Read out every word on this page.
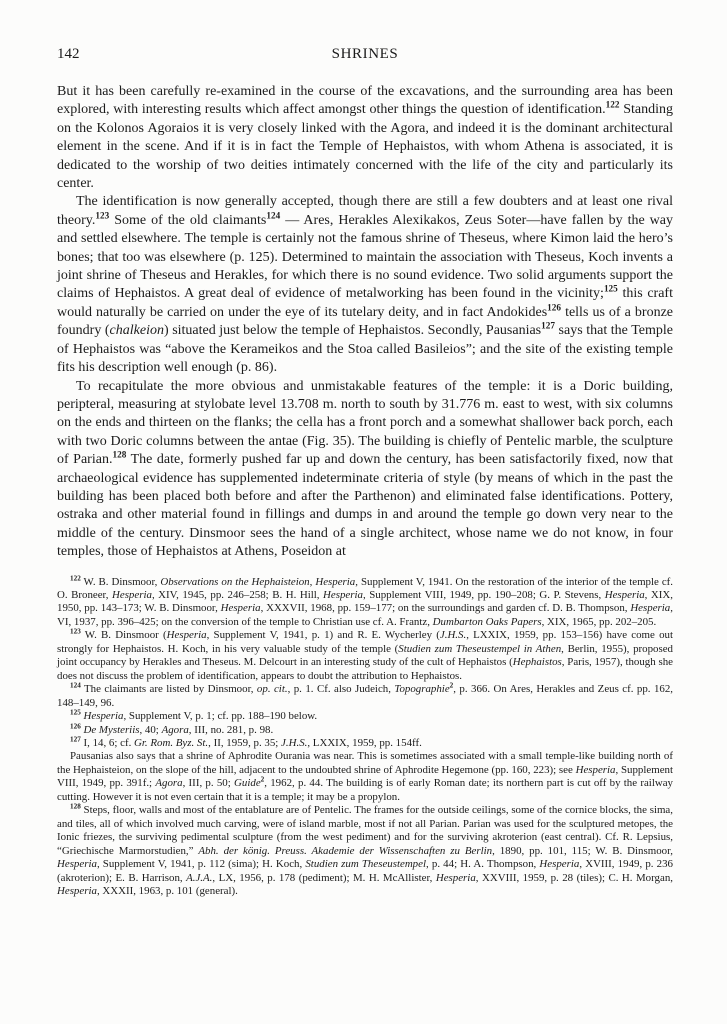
142	SHRINES

But it has been carefully re-examined in the course of the excavations, and the surrounding area has been explored, with interesting results which affect amongst other things the question of identification.$^{122}$ Standing on the Kolonos Agoraios it is very closely linked with the Agora, and indeed it is the dominant architectural element in the scene. And if it is in fact the Temple of Hephaistos, with whom Athena is associated, it is dedicated to the worship of two deities intimately concerned with the life of the city and particularly its center.

The identification is now generally accepted, though there are still a few doubters and at least one rival theory.$^{123}$ Some of the old claimants$^{124}$ — Ares, Herakles Alexikakos, Zeus Soter—have fallen by the way and settled elsewhere. The temple is certainly not the famous shrine of Theseus, where Kimon laid the hero’s bones; that too was elsewhere (p. 125). Determined to maintain the association with Theseus, Koch invents a joint shrine of Theseus and Herakles, for which there is no sound evidence. Two solid arguments support the claims of Hephaistos. A great deal of evidence of metalworking has been found in the vicinity;$^{125}$ this craft would naturally be carried on under the eye of its tutelary deity, and in fact Andokides$^{126}$ tells us of a bronze foundry (chalkeion) situated just below the temple of Hephaistos. Secondly, Pausanias$^{127}$ says that the Temple of Hephaistos was “above the Kerameikos and the Stoa called Basileios”; and the site of the existing temple fits his description well enough (p. 86).

To recapitulate the more obvious and unmistakable features of the temple: it is a Doric building, peripteral, measuring at stylobate level 13.708 m. north to south by 31.776 m. east to west, with six columns on the ends and thirteen on the flanks; the cella has a front porch and a somewhat shallower back porch, each with two Doric columns between the antae (Fig. 35). The building is chiefly of Pentelic marble, the sculpture of Parian.$^{128}$ The date, formerly pushed far up and down the century, has been satisfactorily fixed, now that archaeological evidence has supplemented indeterminate criteria of style (by means of which in the past the building has been placed both before and after the Parthenon) and eliminated false identifications. Pottery, ostraka and other material found in fillings and dumps in and around the temple go down very near to the middle of the century. Dinsmoor sees the hand of a single architect, whose name we do not know, in four temples, those of Hephaistos at Athens, Poseidon at

$^{122}$ W. B. Dinsmoor, Observations on the Hephaisteion, Hesperia, Supplement V, 1941. On the restoration of the interior of the temple cf. O. Broneer, Hesperia, XIV, 1945, pp. 246–258; B. H. Hill, Hesperia, Supplement VIII, 1949, pp. 190–208; G. P. Stevens, Hesperia, XIX, 1950, pp. 143–173; W. B. Dinsmoor, Hesperia, XXXVII, 1968, pp. 159–177; on the surroundings and garden cf. D. B. Thompson, Hesperia, VI, 1937, pp. 396–425; on the conversion of the temple to Christian use cf. A. Frantz, Dumbarton Oaks Papers, XIX, 1965, pp. 202–205.

$^{123}$ W. B. Dinsmoor (Hesperia, Supplement V, 1941, p. 1) and R. E. Wycherley (J.H.S., LXXIX, 1959, pp. 153–156) have come out strongly for Hephaistos. H. Koch, in his very valuable study of the temple (Studien zum Theseustempel in Athen, Berlin, 1955), proposed joint occupancy by Herakles and Theseus. M. Delcourt in an interesting study of the cult of Hephaistos (Hephaistos, Paris, 1957), though she does not discuss the problem of identification, appears to doubt the attribution to Hephaistos.

$^{124}$ The claimants are listed by Dinsmoor, op. cit., p. 1. Cf. also Judeich, Topographie$^2$, p. 366. On Ares, Herakles and Zeus cf. pp. 162, 148–149, 96.

$^{125}$ Hesperia, Supplement V, p. 1; cf. pp. 188–190 below.

$^{126}$ De Mysteriis, 40; Agora, III, no. 281, p. 98.

$^{127}$ I, 14, 6; cf. Gr. Rom. Byz. St., II, 1959, p. 35; J.H.S., LXXIX, 1959, pp. 154ff.

Pausanias also says that a shrine of Aphrodite Ourania was near. This is sometimes associated with a small temple-like building north of the Hephaisteion, on the slope of the hill, adjacent to the undoubted shrine of Aphrodite Hegemone (pp. 160, 223); see Hesperia, Supplement VIII, 1949, pp. 391f.; Agora, III, p. 50; Guide$^2$, 1962, p. 44. The building is of early Roman date; its northern part is cut off by the railway cutting. However it is not even certain that it is a temple; it may be a propylon.

$^{128}$ Steps, floor, walls and most of the entablature are of Pentelic. The frames for the outside ceilings, some of the cornice blocks, the sima, and tiles, all of which involved much carving, were of island marble, most if not all Parian. Parian was used for the sculptured metopes, the Ionic friezes, the surviving pedimental sculpture (from the west pediment) and for the surviving akroterion (east central). Cf. R. Lepsius, “Griechische Marmorstudien,” Abh. der könig. Preuss. Akademie der Wissenschaften zu Berlin, 1890, pp. 101, 115; W. B. Dinsmoor, Hesperia, Supplement V, 1941, p. 112 (sima); H. Koch, Studien zum Theseustempel, p. 44; H. A. Thompson, Hesperia, XVIII, 1949, p. 236 (akroterion); E. B. Harrison, A.J.A., LX, 1956, p. 178 (pediment); M. H. McAllister, Hesperia, XXVIII, 1959, p. 28 (tiles); C. H. Morgan, Hesperia, XXXII, 1963, p. 101 (general).
